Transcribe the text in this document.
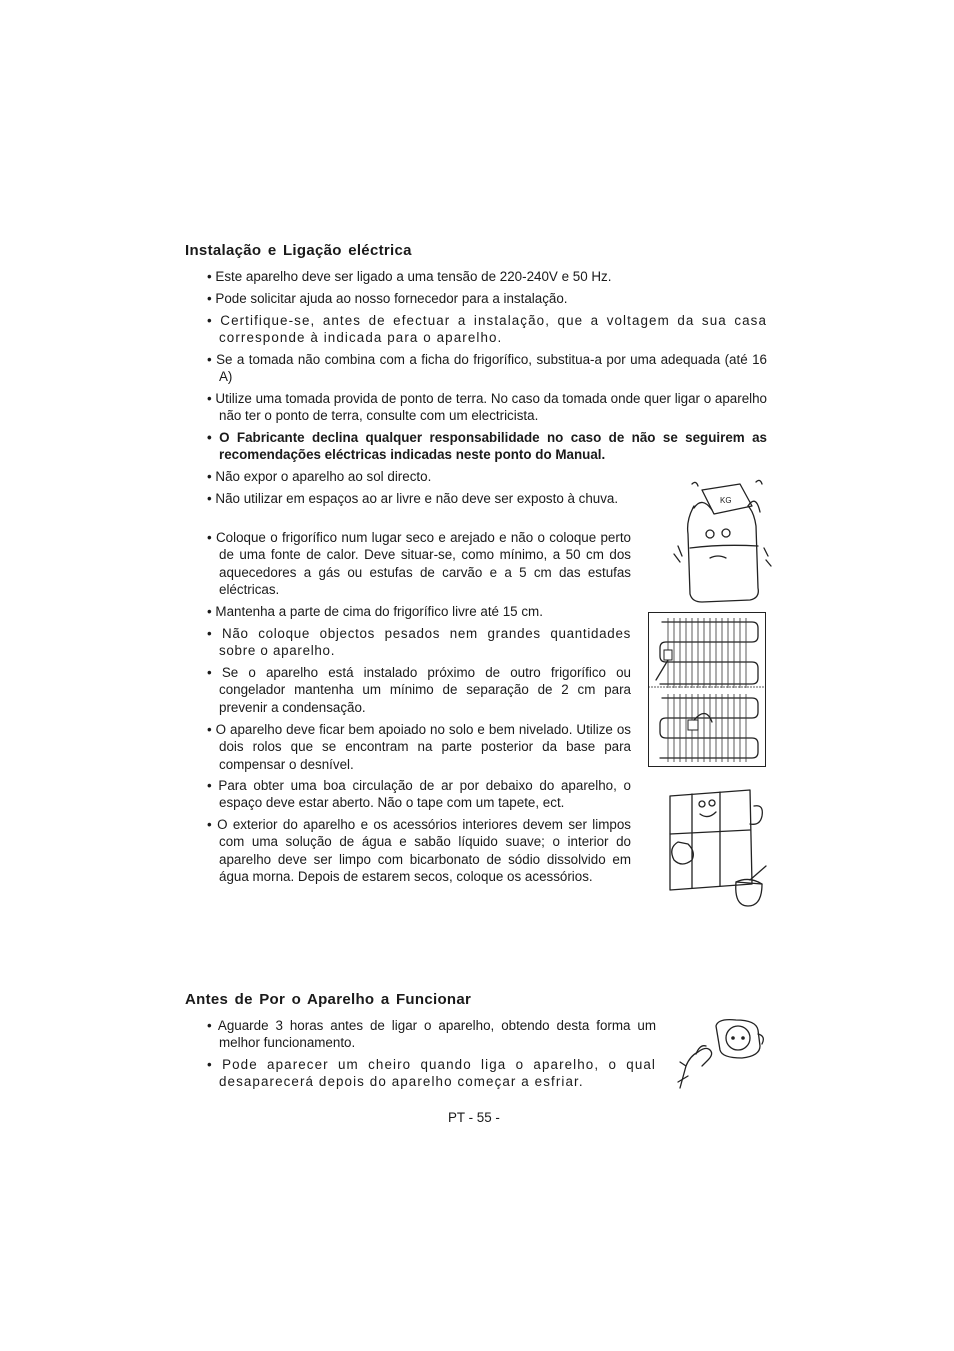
Instalação e Ligação eléctrica
• Este aparelho deve ser ligado a uma tensão de 220-240V e 50 Hz.
• Pode solicitar ajuda ao nosso fornecedor para a instalação.
• Certifique-se, antes de efectuar a instalação, que a voltagem da sua casa corresponde à indicada para o aparelho.
• Se a tomada não combina com a ficha do frigorífico, substitua-a por uma adequada (até 16 A)
• Utilize uma tomada provida de ponto de terra. No caso da tomada onde quer ligar o aparelho não ter o ponto de terra, consulte com um electricista.
• O Fabricante declina qualquer responsabilidade no caso de não se seguirem as recomendações eléctricas indicadas neste ponto do Manual.
• Não expor o aparelho ao sol directo.
• Não utilizar em espaços ao ar livre e não deve ser exposto à chuva.
• Coloque o frigorífico num lugar seco e arejado e não o coloque perto de uma fonte de calor. Deve situar-se, como mínimo, a 50 cm dos aquecedores a gás ou estufas de carvão e a 5 cm das estufas eléctricas.
• Mantenha a parte de cima do frigorífico livre até 15 cm.
• Não coloque objectos pesados nem grandes quantidades sobre o aparelho.
• Se o aparelho está instalado próximo de outro frigorífico ou congelador mantenha um mínimo de separação de 2 cm para prevenir a condensação.
• O aparelho deve ficar bem apoiado no solo e bem nivelado. Utilize os dois rolos que se encontram na parte posterior da base para compensar o desnível.
• Para obter uma boa circulação de ar por debaixo do aparelho, o espaço deve estar aberto. Não o tape com um tapete, ect.
• O exterior do aparelho e os acessórios interiores devem ser limpos com uma solução de água e sabão líquido suave; o interior do aparelho deve ser limpo com bicarbonato de sódio dissolvido em água morna. Depois de estarem secos, coloque os acessórios.
Antes de Por o Aparelho a Funcionar
• Aguarde 3 horas antes de ligar o aparelho, obtendo desta forma um melhor funcionamento.
• Pode aparecer um cheiro quando liga o aparelho, o qual desaparecerá depois do aparelho começar a esfriar.
PT - 55 -
KG
